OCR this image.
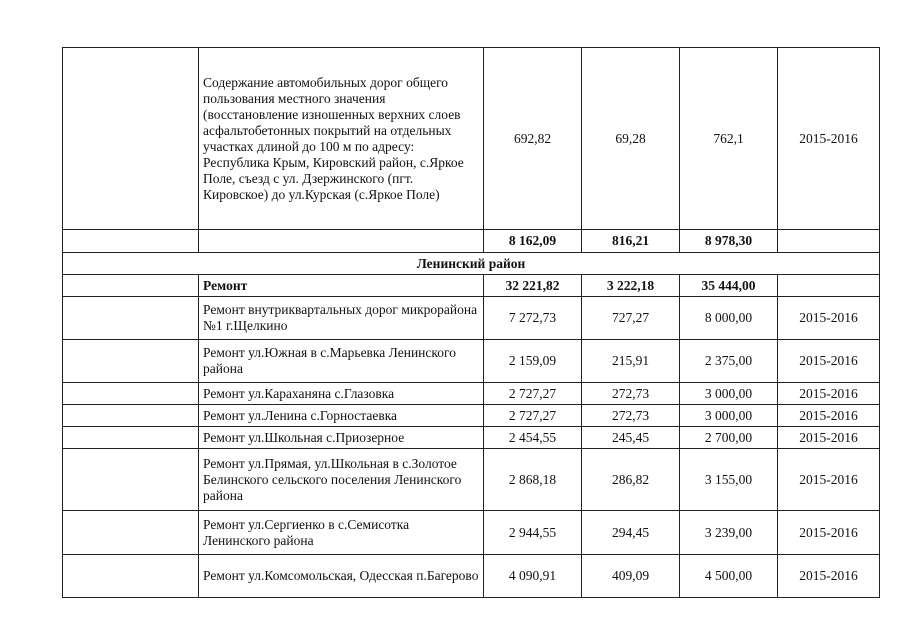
	Содержание автомобильных дорог общего пользования местного значения (восстановление изношенных верхних слоев асфальтобетонных покрытий на отдельных участках длиной до 100 м по адресу: Республика Крым, Кировский район, с.Яркое Поле, съезд с ул. Дзержинского (пгт. Кировское) до ул.Курская (с.Яркое Поле)	692,82	69,28	762,1	2015-2016
		8 162,09	816,21	8 978,30	
Ленинский район					
	Ремонт	32 221,82	3 222,18	35 444,00	
	Ремонт внутриквартальных дорог микрорайона №1 г.Щелкино	7 272,73	727,27	8 000,00	2015-2016
	Ремонт ул.Южная в с.Марьевка Ленинского района	2 159,09	215,91	2 375,00	2015-2016
	Ремонт ул.Караханяна с.Глазовка	2 727,27	272,73	3 000,00	2015-2016
	Ремонт ул.Ленина с.Горностаевка	2 727,27	272,73	3 000,00	2015-2016
	Ремонт ул.Школьная с.Приозерное	2 454,55	245,45	2 700,00	2015-2016
	Ремонт ул.Прямая, ул.Школьная в с.Золотое Белинского сельского поселения Ленинского района	2 868,18	286,82	3 155,00	2015-2016
	Ремонт ул.Сергиенко в с.Семисотка Ленинского района	2 944,55	294,45	3 239,00	2015-2016
	Ремонт ул.Комсомольская, Одесская п.Багерово	4 090,91	409,09	4 500,00	2015-2016
